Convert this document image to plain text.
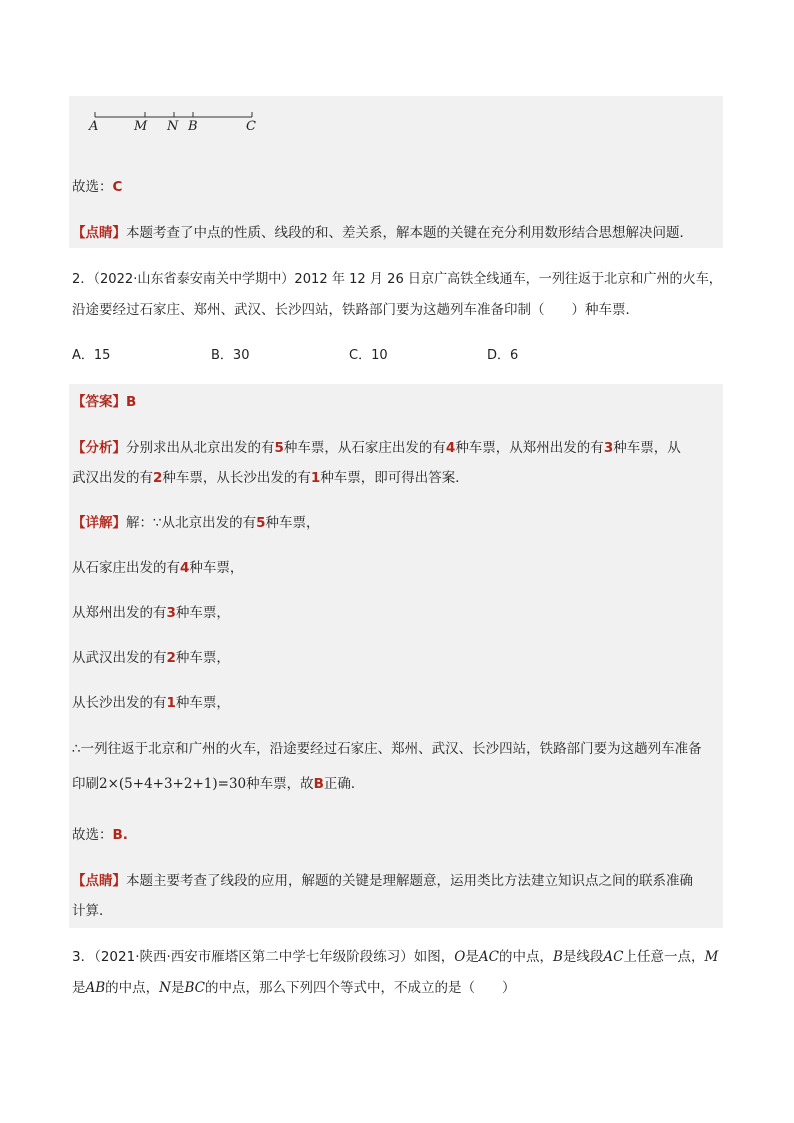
A	M N B	C
故选：C
【点睛】本题考查了中点的性质、线段的和、差关系，解本题的关键在充分利用数形结合思想解决问题．
2．（2022·山东省泰安南关中学期中）2012 年 12 月 26 日京广高铁全线通车，一列往返于北京和广州的火车，
沿途要经过石家庄、郑州、武汉、长沙四站，铁路部门要为这趟列车准备印制（　　）种车票．
A．15	B．30	C．10	D．6
【答案】B
【分析】分别求出从北京出发的有5种车票，从石家庄出发的有4种车票，从郑州出发的有3种车票，从
武汉出发的有2种车票，从长沙出发的有1种车票，即可得出答案．
【详解】解：∵从北京出发的有5种车票，
从石家庄出发的有4种车票，
从郑州出发的有3种车票，
从武汉出发的有2种车票，
从长沙出发的有1种车票，
∴一列往返于北京和广州的火车，沿途要经过石家庄、郑州、武汉、长沙四站，铁路部门要为这趟列车准备
印刷2×(5+4+3+2+1)=30种车票，故B正确．
故选：B.
【点睛】本题主要考查了线段的应用，解题的关键是理解题意，运用类比方法建立知识点之间的联系准确
计算．
3．（2021·陕西·西安市雁塔区第二中学七年级阶段练习）如图，O是AC的中点，B是线段AC上任意一点，M
是AB的中点，N是BC的中点，那么下列四个等式中，不成立的是（　　）
